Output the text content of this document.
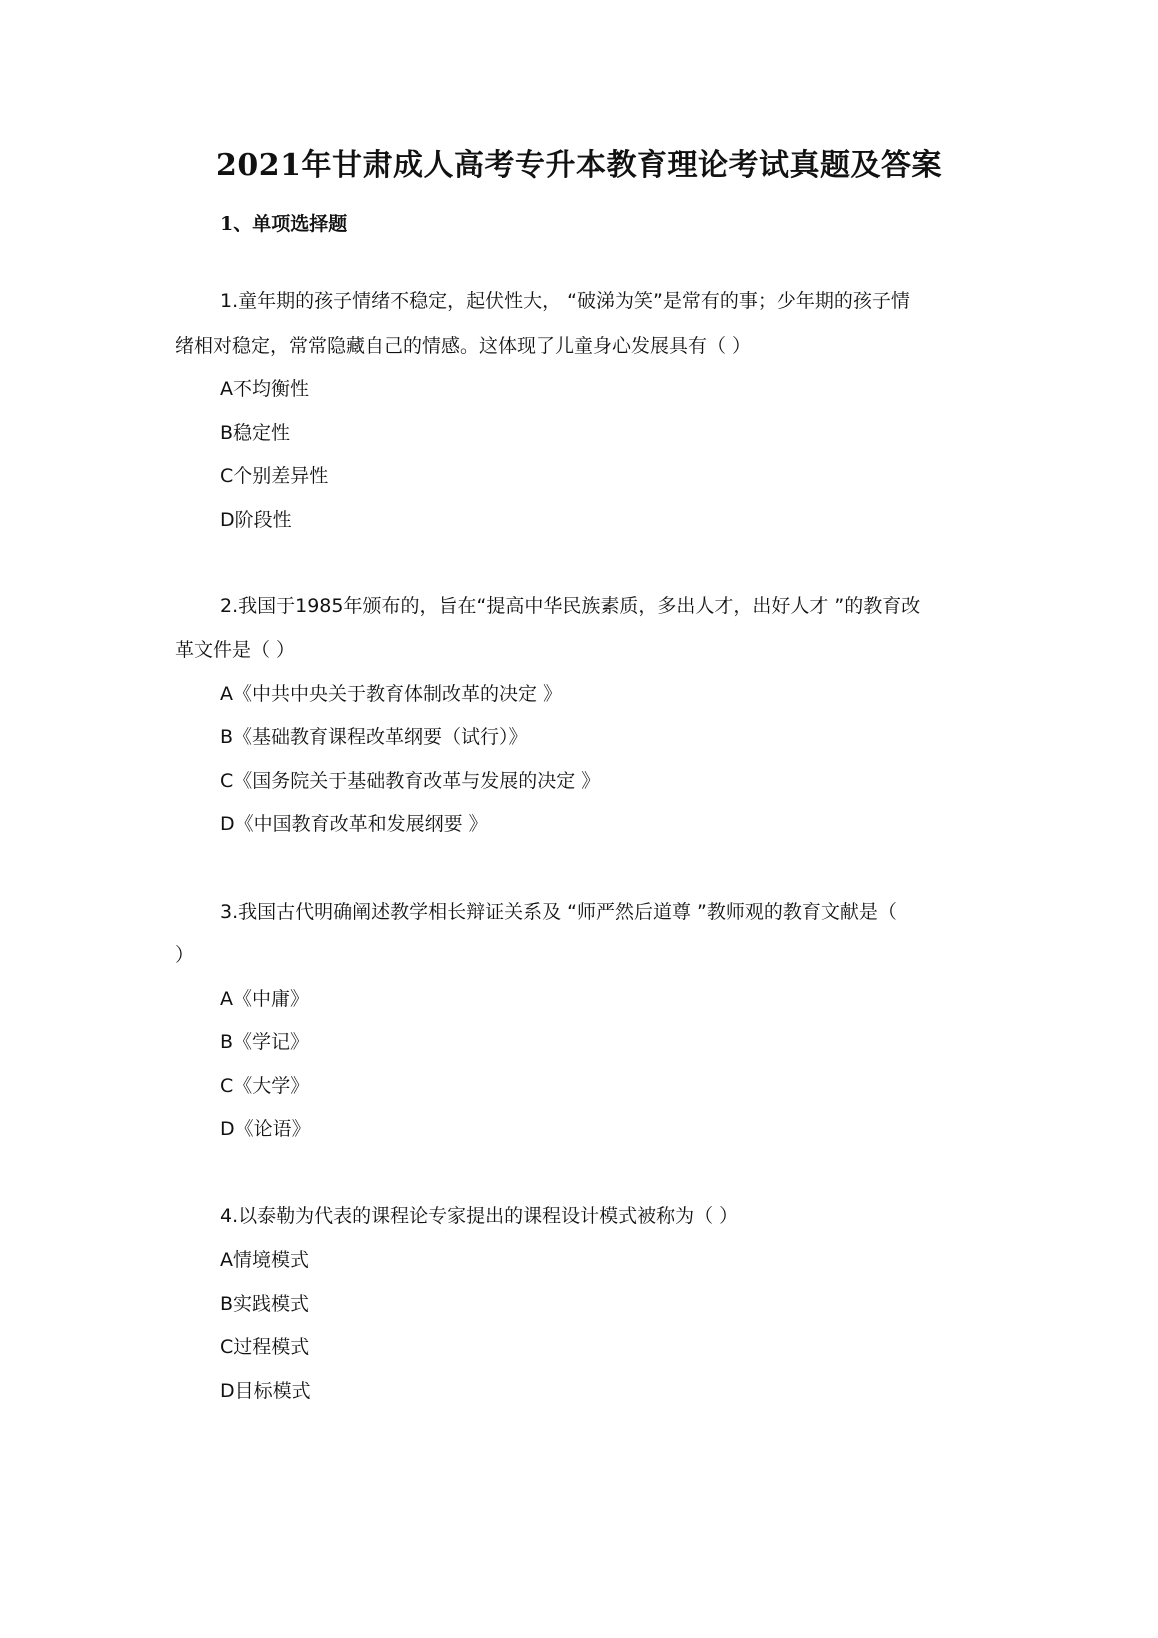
2021年甘肃成人高考专升本教育理论考试真题及答案
1、单项选择题
1.童年期的孩子情绪不稳定，起伏性大， “破涕为笑”是常有的事；少年期的孩子情
绪相对稳定，常常隐藏自己的情感。这体现了儿童身心发展具有（ ）
A不均衡性
B稳定性
C个别差异性
D阶段性
2.我国于1985年颁布的，旨在“提高中华民族素质，多出人才，出好人才 ”的教育改
革文件是（ ）
A《中共中央关于教育体制改革的决定 》
B《基础教育课程改革纲要（试行）》
C《国务院关于基础教育改革与发展的决定 》
D《中国教育改革和发展纲要 》
3.我国古代明确阐述教学相长辩证关系及 “师严然后道尊 ”教师观的教育文献是（
）
A《中庸》
B《学记》
C《大学》
D《论语》
4.以泰勒为代表的课程论专家提出的课程设计模式被称为（ ）
A情境模式
B实践模式
C过程模式
D目标模式
